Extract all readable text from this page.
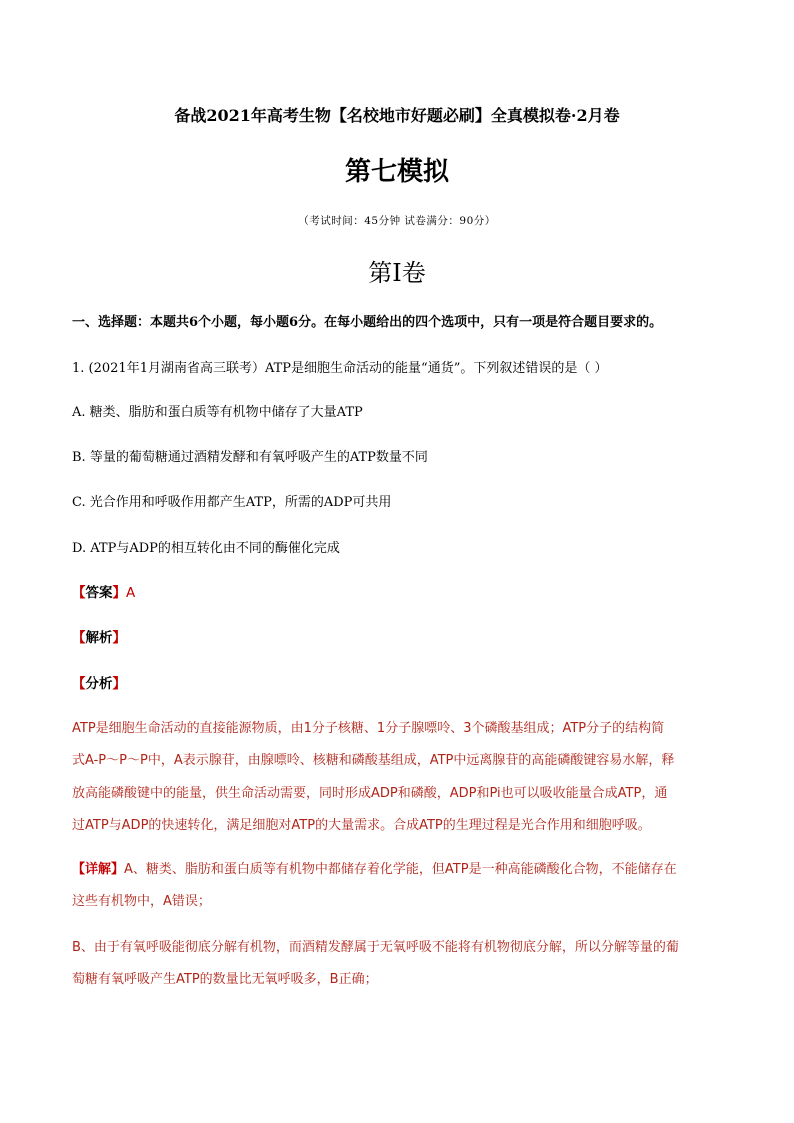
备战2021年高考生物【名校地市好题必刷】全真模拟卷·2月卷
第七模拟
（考试时间：45分钟 试卷满分：90分）
第Ⅰ卷
一、选择题：本题共6个小题，每小题6分。在每小题给出的四个选项中，只有一项是符合题目要求的。
1. (2021年1月湖南省高三联考）ATP是细胞生命活动的能量“通货”。下列叙述错误的是（ ）
A. 糖类、脂肪和蛋白质等有机物中储存了大量ATP
B. 等量的葡萄糖通过酒精发酵和有氧呼吸产生的ATP数量不同
C. 光合作用和呼吸作用都产生ATP，所需的ADP可共用
D. ATP与ADP的相互转化由不同的酶催化完成
【答案】A
【解析】
【分析】
ATP是细胞生命活动的直接能源物质，由1分子核糖、1分子腺嘌呤、3个磷酸基组成；ATP分子的结构简
式A-P～P～P中，A表示腺苷，由腺嘌呤、核糖和磷酸基组成，ATP中远离腺苷的高能磷酸键容易水解，释
放高能磷酸键中的能量，供生命活动需要，同时形成ADP和磷酸，ADP和Pi也可以吸收能量合成ATP，通
过ATP与ADP的快速转化，满足细胞对ATP的大量需求。合成ATP的生理过程是光合作用和细胞呼吸。
【详解】A、糖类、脂肪和蛋白质等有机物中都储存着化学能，但ATP是一种高能磷酸化合物，不能储存在
这些有机物中，A错误；
B、由于有氧呼吸能彻底分解有机物，而酒精发酵属于无氧呼吸不能将有机物彻底分解，所以分解等量的葡
萄糖有氧呼吸产生ATP的数量比无氧呼吸多，B正确；
